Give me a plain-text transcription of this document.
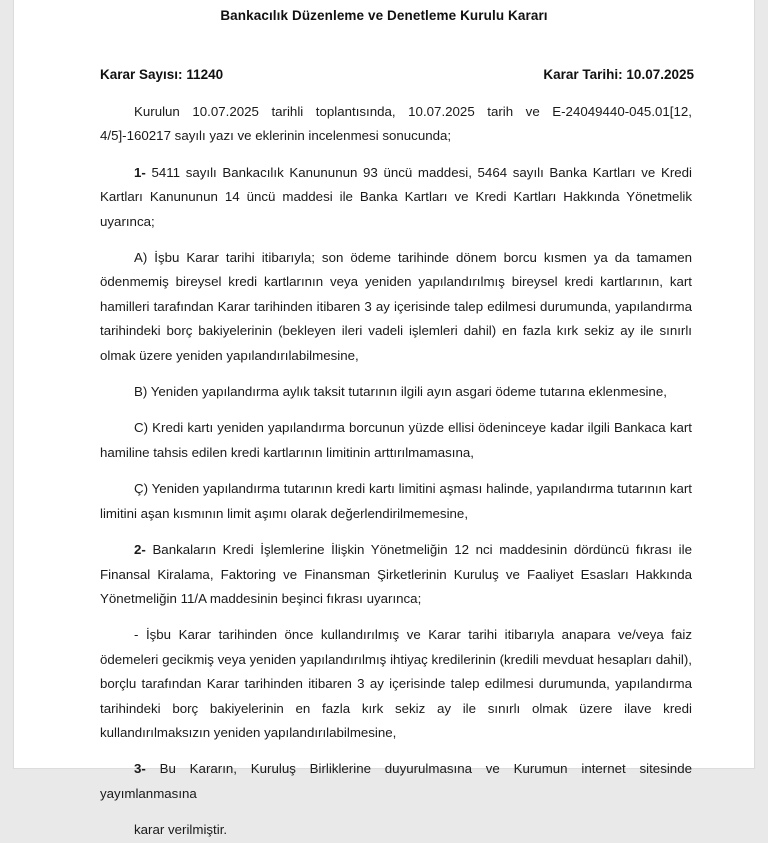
Bankacılık Düzenleme ve Denetleme Kurulu Kararı
Karar Sayısı: 11240	Karar Tarihi: 10.07.2025

Kurulun 10.07.2025 tarihli toplantısında, 10.07.2025 tarih ve E-24049440-045.01[12, 4/5]-160217 sayılı yazı ve eklerinin incelenmesi sonucunda;

1- 5411 sayılı Bankacılık Kanununun 93 üncü maddesi, 5464 sayılı Banka Kartları ve Kredi Kartları Kanununun 14 üncü maddesi ile Banka Kartları ve Kredi Kartları Hakkında Yönetmelik uyarınca;

A) İşbu Karar tarihi itibarıyla; son ödeme tarihinde dönem borcu kısmen ya da tamamen ödenmemiş bireysel kredi kartlarının veya yeniden yapılandırılmış bireysel kredi kartlarının, kart hamilleri tarafından Karar tarihinden itibaren 3 ay içerisinde talep edilmesi durumunda, yapılandırma tarihindeki borç bakiyelerinin (bekleyen ileri vadeli işlemleri dahil) en fazla kırk sekiz ay ile sınırlı olmak üzere yeniden yapılandırılabilmesine,

B) Yeniden yapılandırma aylık taksit tutarının ilgili ayın asgari ödeme tutarına eklenmesine,

C) Kredi kartı yeniden yapılandırma borcunun yüzde ellisi ödeninceye kadar ilgili Bankaca kart hamiline tahsis edilen kredi kartlarının limitinin arttırılmamasına,

Ç) Yeniden yapılandırma tutarının kredi kartı limitini aşması halinde, yapılandırma tutarının kart limitini aşan kısmının limit aşımı olarak değerlendirilmemesine,

2- Bankaların Kredi İşlemlerine İlişkin Yönetmeliğin 12 nci maddesinin dördüncü fıkrası ile Finansal Kiralama, Faktoring ve Finansman Şirketlerinin Kuruluş ve Faaliyet Esasları Hakkında Yönetmeliğin 11/A maddesinin beşinci fıkrası uyarınca;

- İşbu Karar tarihinden önce kullandırılmış ve Karar tarihi itibarıyla anapara ve/veya faiz ödemeleri gecikmiş veya yeniden yapılandırılmış ihtiyaç kredilerinin (kredili mevduat hesapları dahil), borçlu tarafından Karar tarihinden itibaren 3 ay içerisinde talep edilmesi durumunda, yapılandırma tarihindeki borç bakiyelerinin en fazla kırk sekiz ay ile sınırlı olmak üzere ilave kredi kullandırılmaksızın yeniden yapılandırılabilmesine,

3- Bu Kararın, Kuruluş Birliklerine duyurulmasına ve Kurumun internet sitesinde yayımlanmasına

karar verilmiştir.
